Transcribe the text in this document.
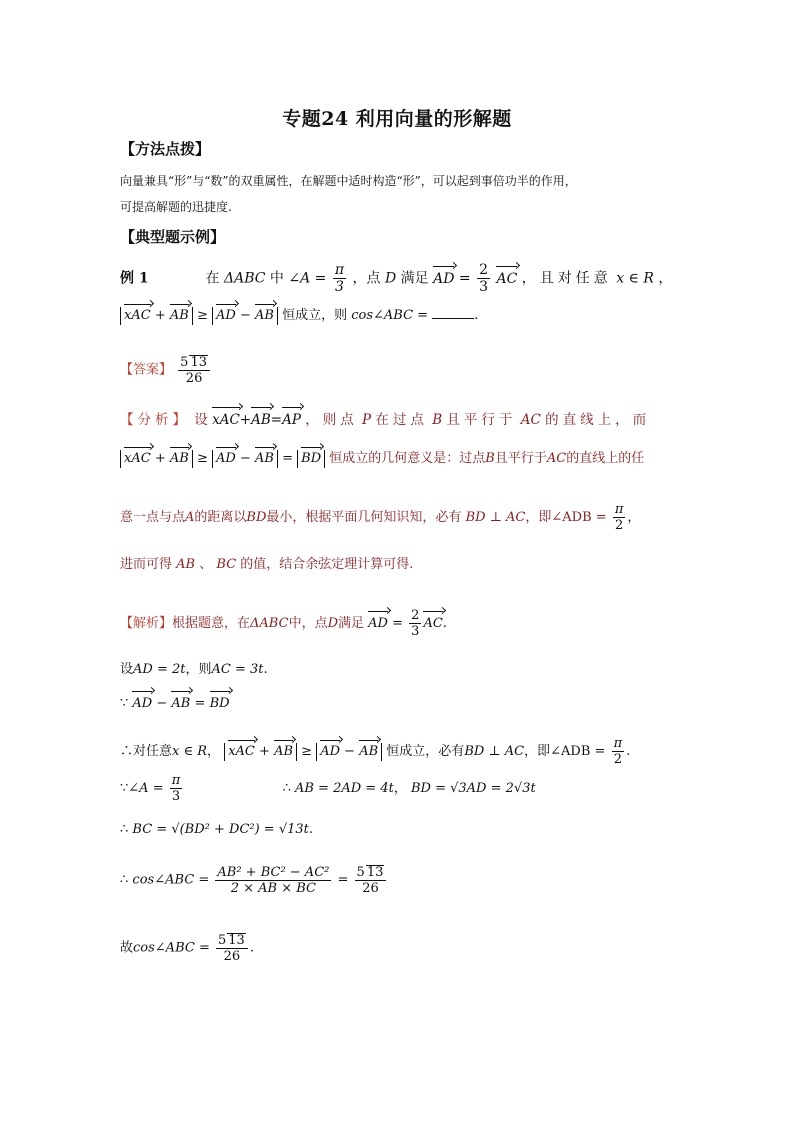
专题24 利用向量的形解题
【方法点拨】
向量兼具“形”与“数”的双重属性，在解题中适时构造“形”，可以起到事倍功半的作用，
可提高解题的迅捷度.
【典型题示例】
例 1	在 ΔABC 中 ∠A = $\frac{\pi}{3}$ ，点 D 满足 AD = $\frac{2}{3}$ AC ，且对任意 x ∈ R ，
xAC + AB ≥ AD − AB 恒成立，则 cos∠ABC =	.
【答案】 $\frac{5 13}{26}$
【分析】 设 xAC+AB=AP ，则点 P 在过点 B 且平行于 AC 的直线上，而
xAC + AB ≥ AD − AB = BD 恒成立的几何意义是：过点B且平行于AC的直线上的任
意一点与点A的距离以BD最小，根据平面几何知识知，必有 BD ⊥ AC，即∠ADB = $\frac{\pi}{2}$ ，
进而可得 AB 、 BC 的值，结合余弦定理计算可得.
【解析】根据题意，在ΔABC中，点D满足 AD = $\frac{2}{3}$ AC.
设AD = 2t，则AC = 3t.
∵ AD − AB = BD
∴对任意x ∈ R， xAC + AB ≥ AD − AB 恒成立，必有BD ⊥ AC，即∠ADB = $\frac{\pi}{2}$ .
∵∠A = $\frac{\pi}{3}$	∴ AB = 2AD = 4t， BD = √3AD = 2√3t
∴ BC = √(BD² + DC²) = √13t.
∴ cos∠ABC = $\frac{\text{AB² + BC² − AC²}}{2 \times AB \times BC} = \frac{5 13}{26}$
故cos∠ABC = $\frac{5 13}{26}$ .
